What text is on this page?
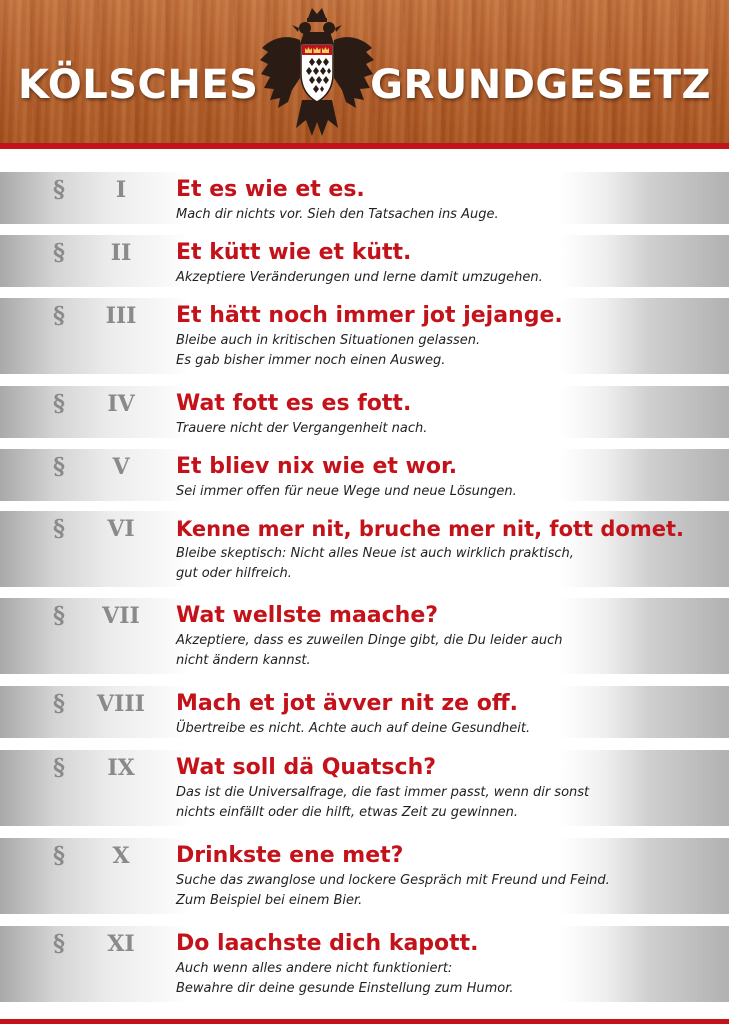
KÖLSCHES	GRUNDGESETZ
§	I	Et es wie et es.
Mach dir nichts vor. Sieh den Tatsachen ins Auge.
§	II	Et kütt wie et kütt.
Akzeptiere Veränderungen und lerne damit umzugehen.
§	III	Et hätt noch immer jot jejange.
Bleibe auch in kritischen Situationen gelassen.
Es gab bisher immer noch einen Ausweg.
§	IV	Wat fott es es fott.
Trauere nicht der Vergangenheit nach.
§	V	Et bliev nix wie et wor.
Sei immer offen für neue Wege und neue Lösungen.
§	VI	Kenne mer nit, bruche mer nit, fott domet.
Bleibe skeptisch: Nicht alles Neue ist auch wirklich praktisch,
gut oder hilfreich.
§	VII	Wat wellste maache?
Akzeptiere, dass es zuweilen Dinge gibt, die Du leider auch
nicht ändern kannst.
§ VIII Mach et jot ävver nit ze off.
Übertreibe es nicht. Achte auch auf deine Gesundheit.
§	IX	Wat soll dä Quatsch?
Das ist die Universalfrage, die fast immer passt, wenn dir sonst
nichts einfällt oder die hilft, etwas Zeit zu gewinnen.
§	X	Drinkste ene met?
Suche das zwanglose und lockere Gespräch mit Freund und Feind.
Zum Beispiel bei einem Bier.
§	XI	Do laachste dich kapott.
Auch wenn alles andere nicht funktioniert:
Bewahre dir deine gesunde Einstellung zum Humor.
